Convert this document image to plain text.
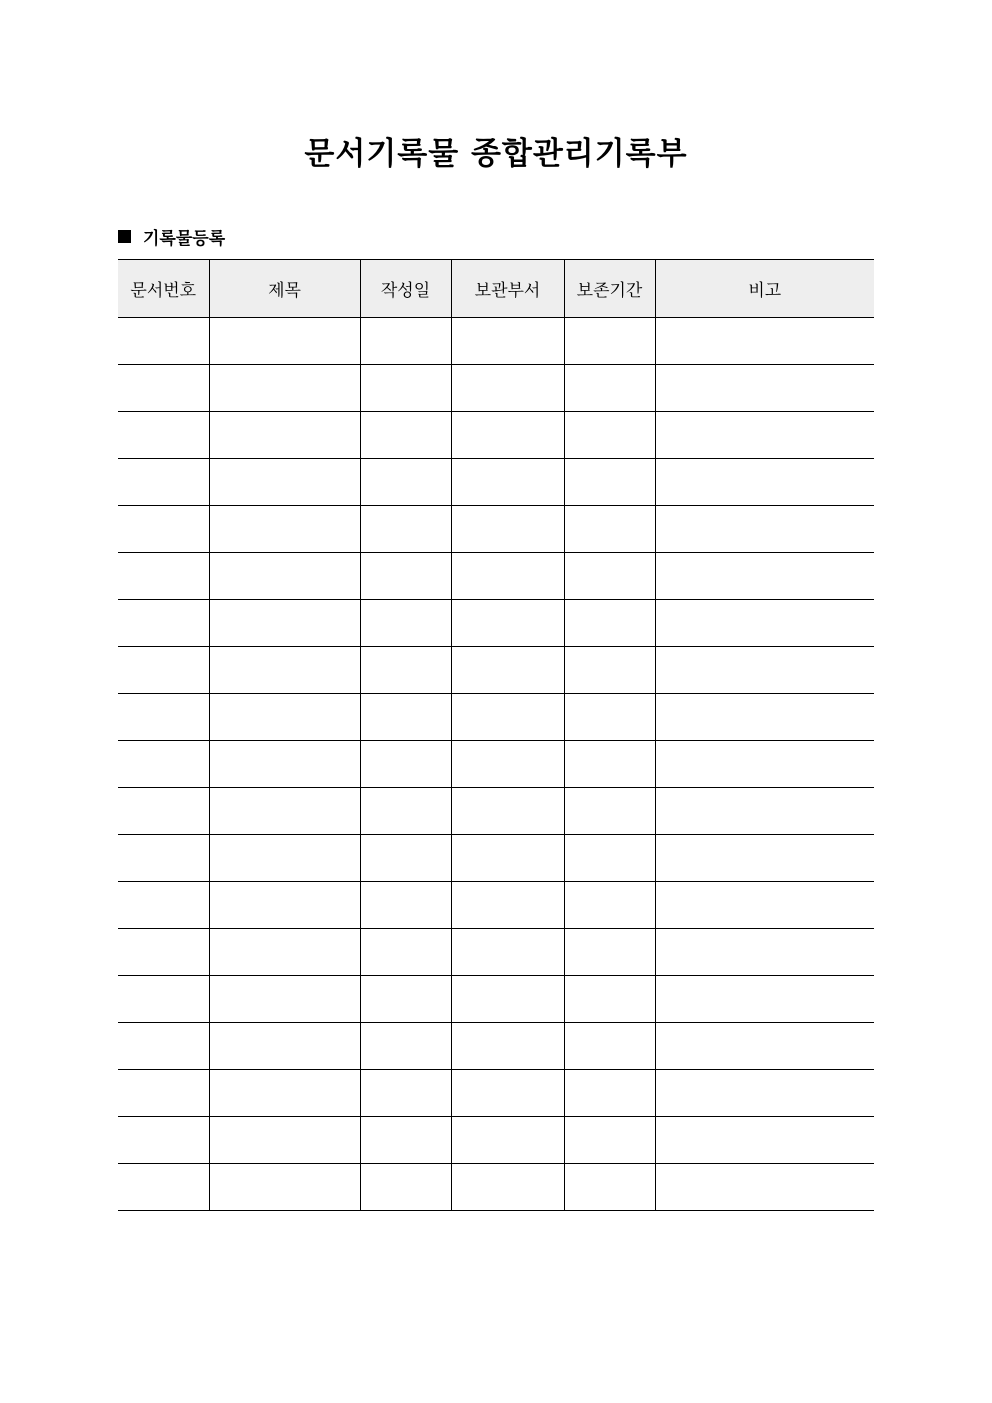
문서기록물 종합관리기록부
기록물등록
문서번호	제목	작성일	보관부서	보존기간	비고
